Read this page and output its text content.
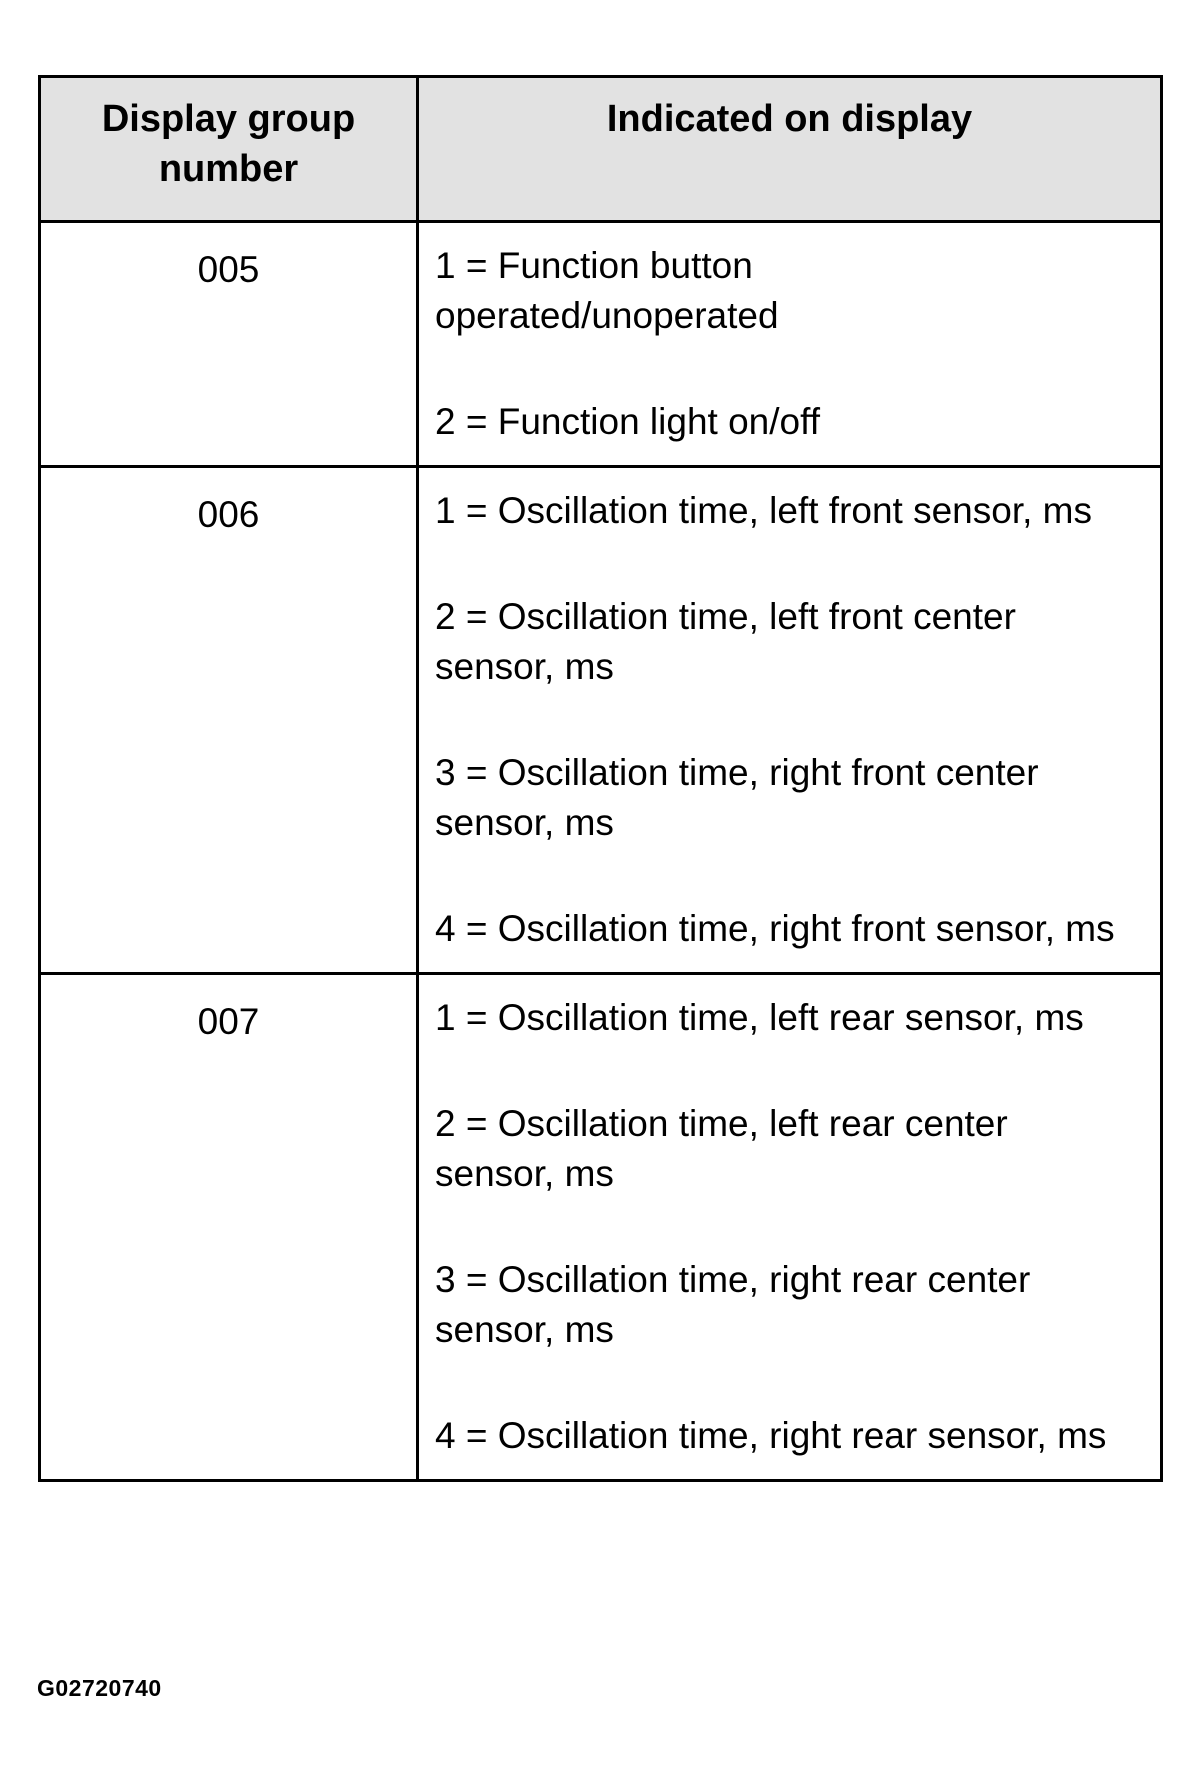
Display group
number	Indicated on display
005	1 = Function button operated/unoperated

2 = Function light on/off

006	1 = Oscillation time, left front sensor, ms

2 = Oscillation time, left front center sensor, ms

3 = Oscillation time, right front center sensor, ms

4 = Oscillation time, right front sensor, ms

007	1 = Oscillation time, left rear sensor, ms

2 = Oscillation time, left rear center sensor, ms

3 = Oscillation time, right rear center sensor, ms

4 = Oscillation time, right rear sensor, ms

G02720740
